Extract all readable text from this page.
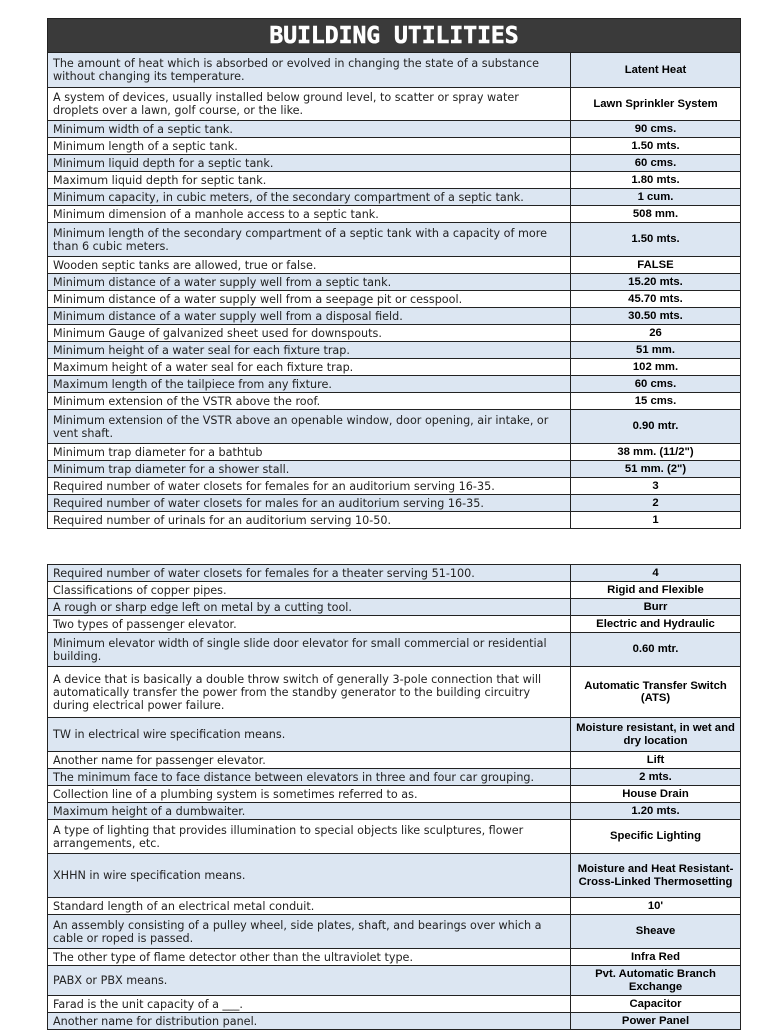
BUILDING UTILITIES	
The amount of heat which is absorbed or evolved in changing the state of a substance without changing its temperature.	Latent Heat
A system of devices, usually installed below ground level, to scatter or spray water droplets over a lawn, golf course, or the like.	Lawn Sprinkler System
Minimum width of a septic tank.	90 cms.
Minimum length of a septic tank.	1.50 mts.
Minimum liquid depth for a septic tank.	60 cms.
Maximum liquid depth for septic tank.	1.80 mts.
Minimum capacity, in cubic meters, of the secondary compartment of a septic tank.	1 cum.
Minimum dimension of a manhole access to a septic tank.	508 mm.
Minimum length of the secondary compartment of a septic tank with a capacity of more than 6 cubic meters.	1.50 mts.
Wooden septic tanks are allowed, true or false.	FALSE
Minimum distance of a water supply well from a septic tank.	15.20 mts.
Minimum distance of a water supply well from a seepage pit or cesspool.	45.70 mts.
Minimum distance of a water supply well from a disposal field.	30.50 mts.
Minimum Gauge of galvanized sheet used for downspouts.	26
Minimum height of a water seal for each fixture trap.	51 mm.
Maximum height of a water seal for each fixture trap.	102 mm.
Maximum length of the tailpiece from any fixture.	60 cms.
Minimum extension of the VSTR above the roof.	15 cms.
Minimum extension of the VSTR above an openable window, door opening, air intake, or vent shaft.	0.90 mtr.
Minimum trap diameter for a bathtub	38 mm. (11/2")
Minimum trap diameter for a shower stall.	51 mm. (2")
Required number of water closets for females for an auditorium serving 16-35.	3
Required number of water closets for males for an auditorium serving 16-35.	2
Required number of urinals for an auditorium serving 10-50.	1
Required number of water closets for females for a theater serving 51-100.	4
Classifications of copper pipes.	Rigid and Flexible
A rough or sharp edge left on metal by a cutting tool.	Burr
Two types of passenger elevator.	Electric and Hydraulic
Minimum elevator width of single slide door elevator for small commercial or residential building.	0.60 mtr.
A device that is basically a double throw switch of generally 3-pole connection that will automatically transfer the power from the standby generator to the building circuitry during electrical power failure.	Automatic Transfer Switch (ATS)
TW in electrical wire specification means.	Moisture resistant, in wet and dry location
Another name for passenger elevator.	Lift
The minimum face to face distance between elevators in three and four car grouping.	2 mts.
Collection line of a plumbing system is sometimes referred to as.	House Drain
Maximum height of a dumbwaiter.	1.20 mts.
A type of lighting that provides illumination to special objects like sculptures, flower arrangements, etc.	Specific Lighting
XHHN in wire specification means.	Moisture and Heat Resistant- Cross-Linked Thermosetting
Standard length of an electrical metal conduit.	10'
An assembly consisting of a pulley wheel, side plates, shaft, and bearings over which a cable or roped is passed.	Sheave
The other type of flame detector other than the ultraviolet type.	Infra Red
PABX or PBX means.	Pvt. Automatic Branch Exchange
Farad is the unit capacity of a ___.	Capacitor
Another name for distribution panel.	Power Panel
